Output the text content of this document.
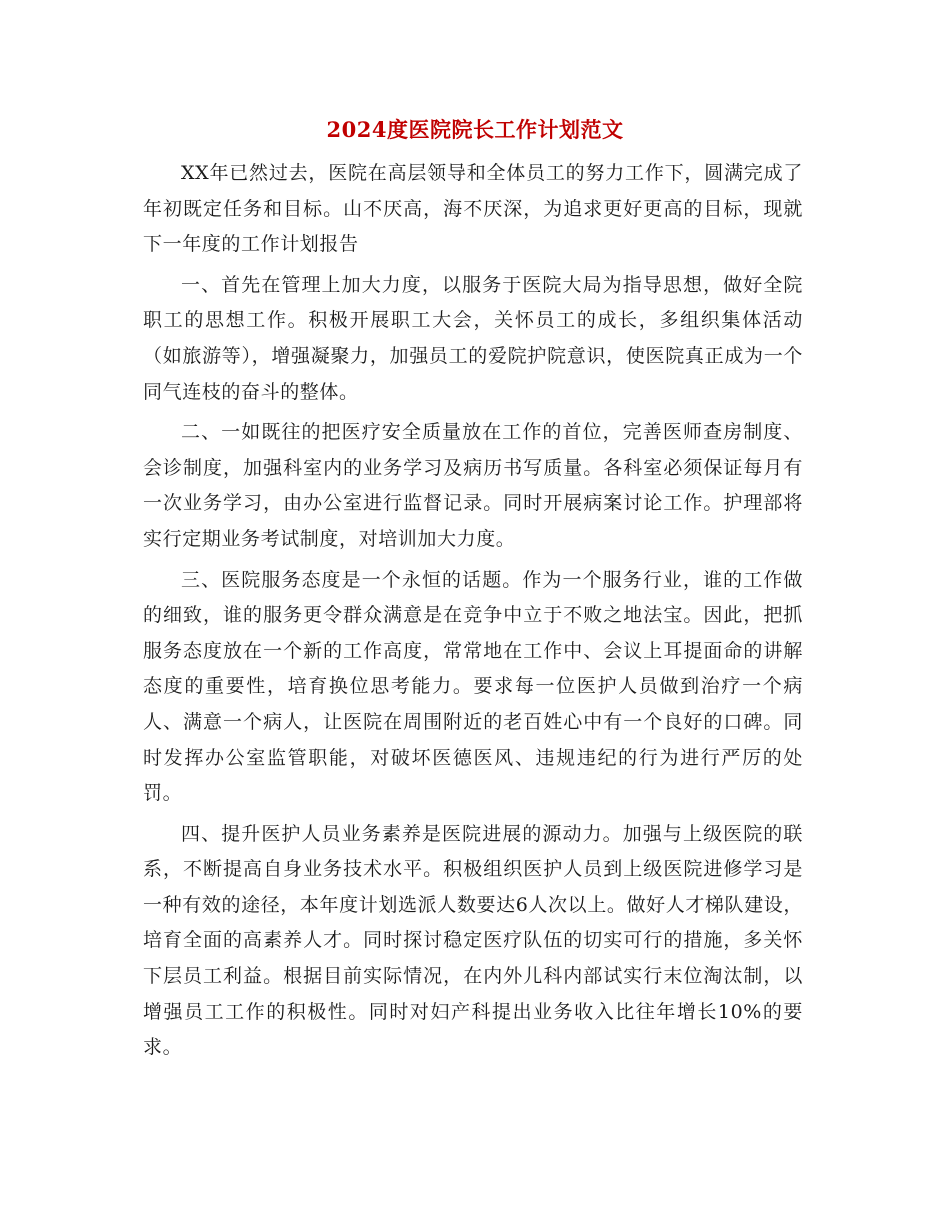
2024度医院院长工作计划范文

XX年已然过去，医院在高层领导和全体员工的努力工作下，圆满完成了年初既定任务和目标。山不厌高，海不厌深，为追求更好更高的目标，现就下一年度的工作计划报告

一、首先在管理上加大力度，以服务于医院大局为指导思想，做好全院职工的思想工作。积极开展职工大会，关怀员工的成长，多组织集体活动（如旅游等），增强凝聚力，加强员工的爱院护院意识，使医院真正成为一个同气连枝的奋斗的整体。

二、一如既往的把医疗安全质量放在工作的首位，完善医师查房制度、会诊制度，加强科室内的业务学习及病历书写质量。各科室必须保证每月有一次业务学习，由办公室进行监督记录。同时开展病案讨论工作。护理部将实行定期业务考试制度，对培训加大力度。

三、医院服务态度是一个永恒的话题。作为一个服务行业，谁的工作做的细致，谁的服务更令群众满意是在竞争中立于不败之地法宝。因此，把抓服务态度放在一个新的工作高度，常常地在工作中、会议上耳提面命的讲解态度的重要性，培育换位思考能力。要求每一位医护人员做到治疗一个病人、满意一个病人，让医院在周围附近的老百姓心中有一个良好的口碑。同时发挥办公室监管职能，对破坏医德医风、违规违纪的行为进行严厉的处罚。

四、提升医护人员业务素养是医院进展的源动力。加强与上级医院的联系，不断提高自身业务技术水平。积极组织医护人员到上级医院进修学习是一种有效的途径，本年度计划选派人数要达6人次以上。做好人才梯队建设，培育全面的高素养人才。同时探讨稳定医疗队伍的切实可行的措施，多关怀下层员工利益。根据目前实际情况，在内外儿科内部试实行末位淘汰制，以增强员工工作的积极性。同时对妇产科提出业务收入比往年增长10%的要求。
